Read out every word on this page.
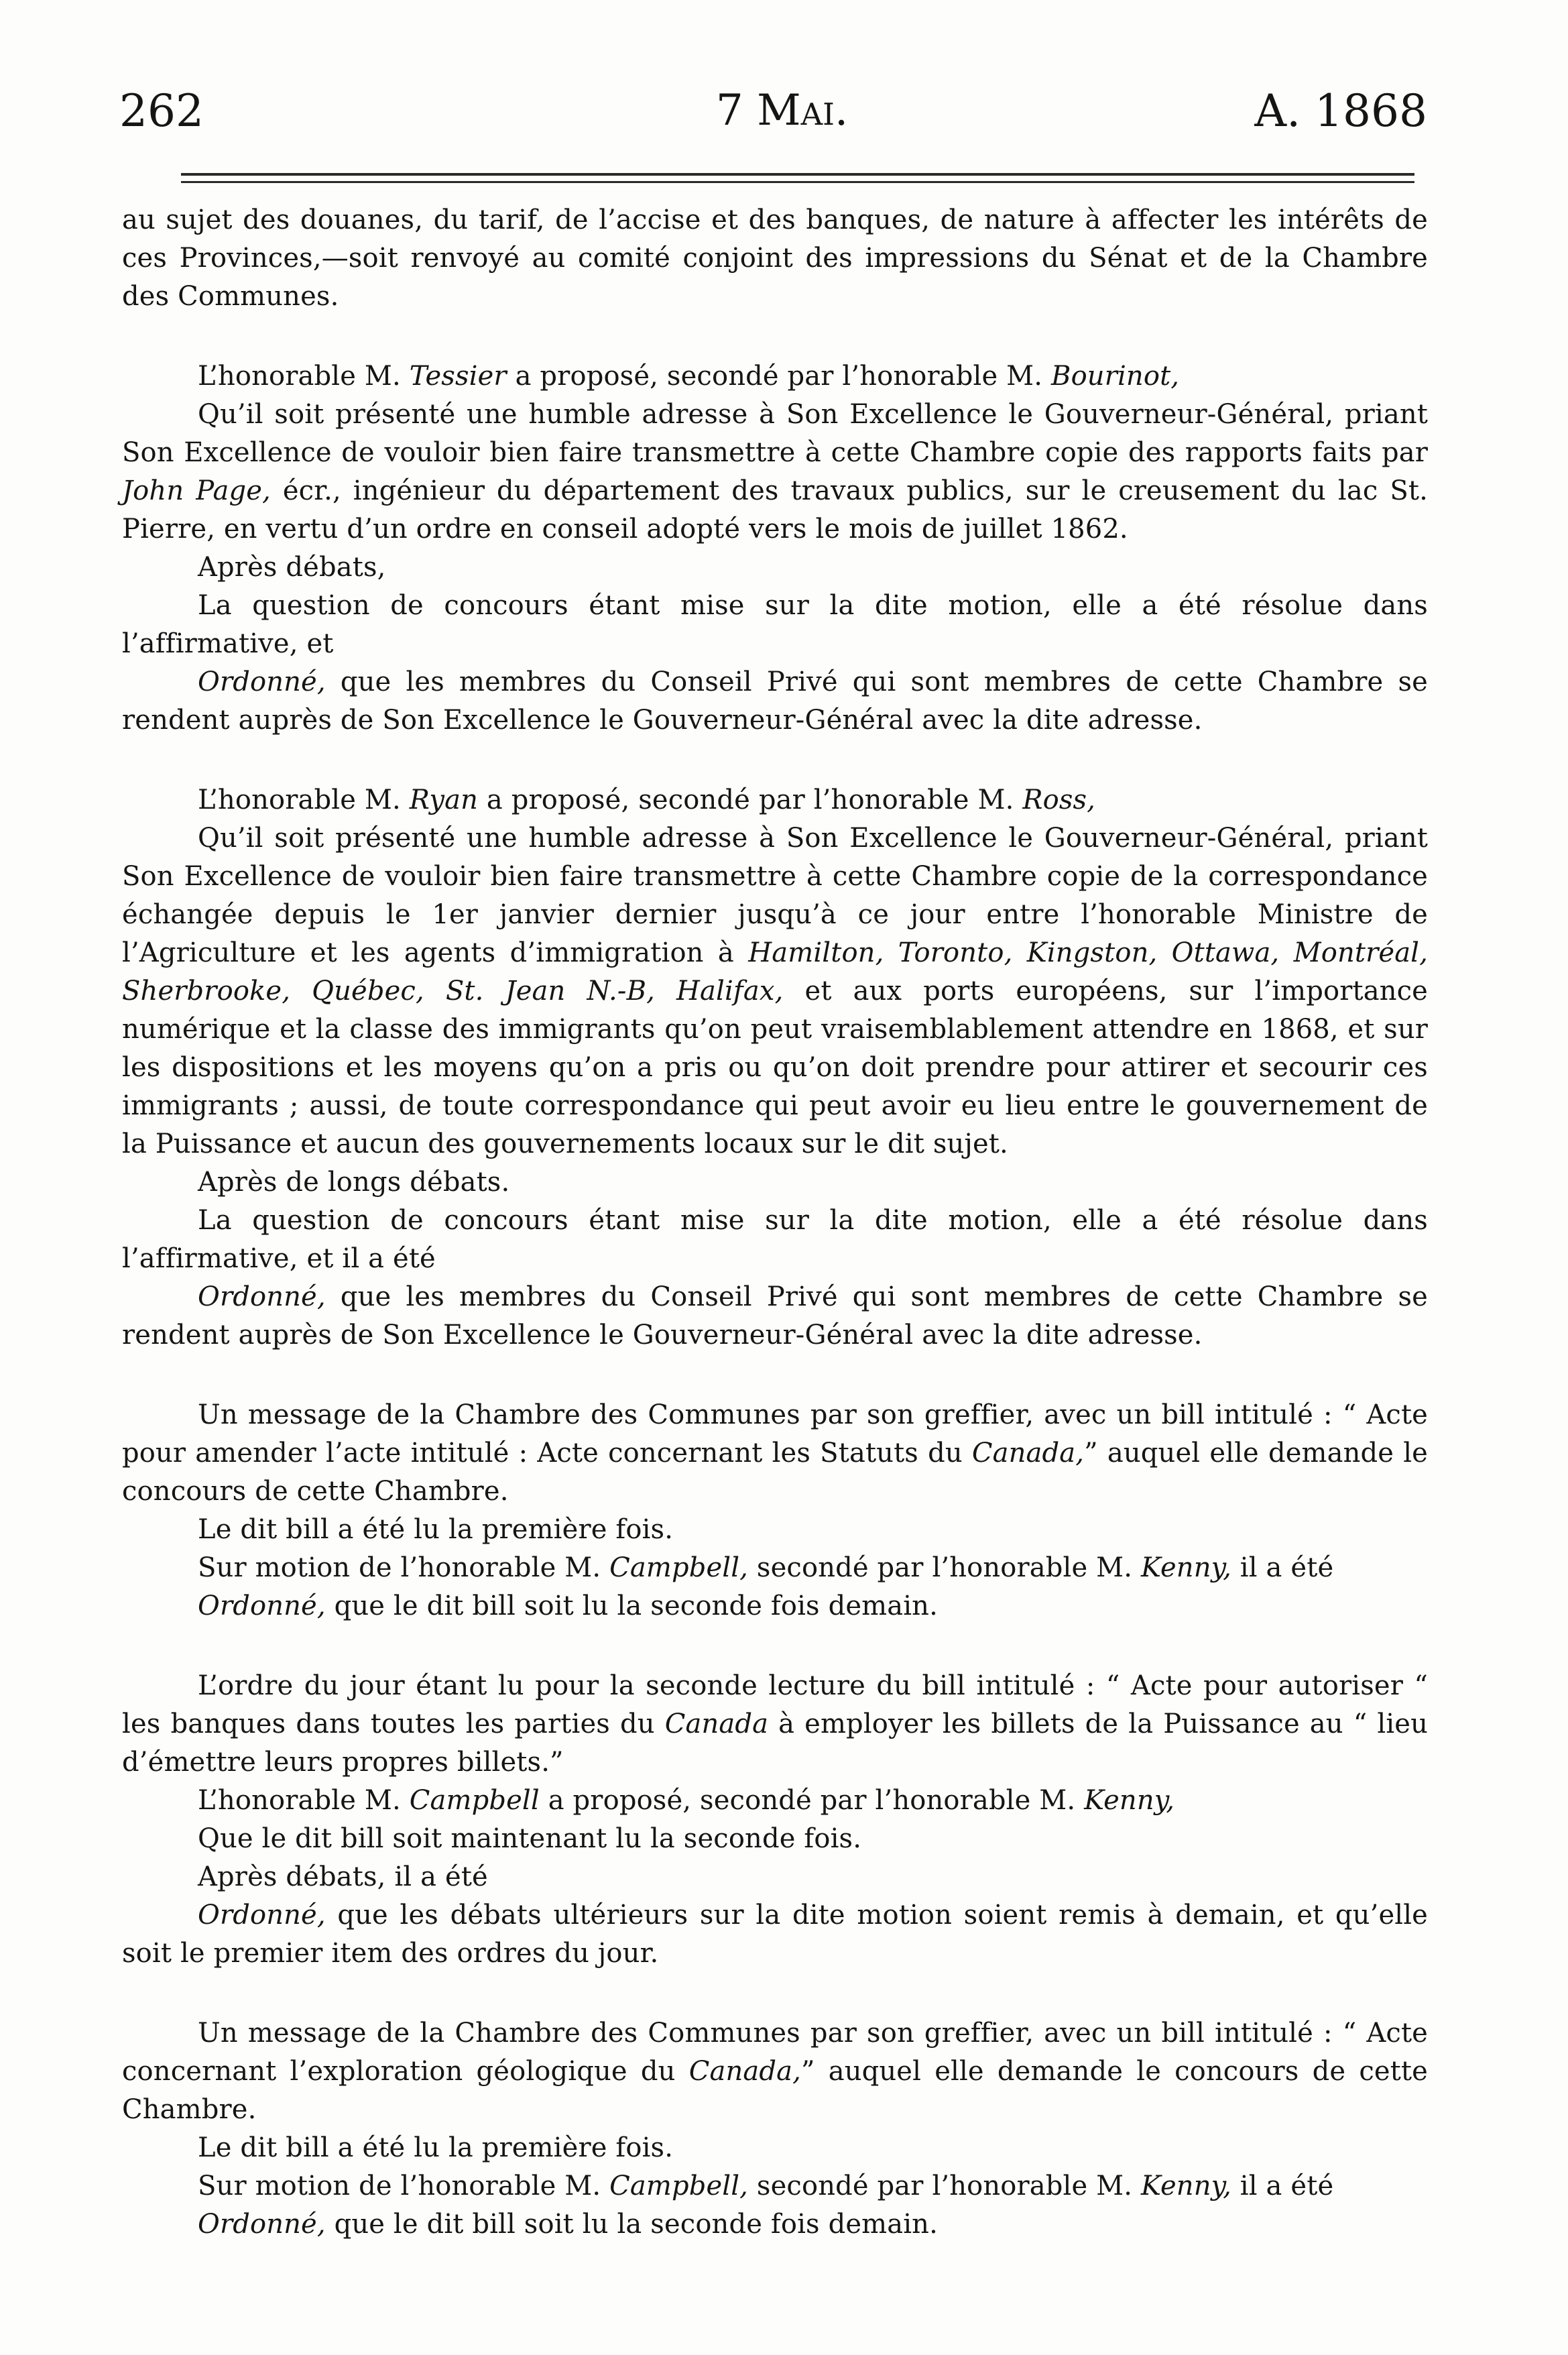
262	7 Mai.	A. 1868

au sujet des douanes, du tarif, de l’accise et des banques, de nature à affecter les intérêts de ces Provinces,—soit renvoyé au comité conjoint des impressions du Sénat et de la Chambre des Communes.

L’honorable M. Tessier a proposé, secondé par l’honorable M. Bourinot,

Qu’il soit présenté une humble adresse à Son Excellence le Gouverneur-Général, priant Son Excellence de vouloir bien faire transmettre à cette Chambre copie des rapports faits par John Page, écr., ingénieur du département des travaux publics, sur le creusement du lac St. Pierre, en vertu d’un ordre en conseil adopté vers le mois de juillet 1862.

Après débats,

La question de concours étant mise sur la dite motion, elle a été résolue dans l’affirmative, et

Ordonné, que les membres du Conseil Privé qui sont membres de cette Chambre se rendent auprès de Son Excellence le Gouverneur-Général avec la dite adresse.

L’honorable M. Ryan a proposé, secondé par l’honorable M. Ross,

Qu’il soit présenté une humble adresse à Son Excellence le Gouverneur-Général, priant Son Excellence de vouloir bien faire transmettre à cette Chambre copie de la correspondance échangée depuis le 1er janvier dernier jusqu’à ce jour entre l’honorable Ministre de l’Agriculture et les agents d’immigration à Hamilton, Toronto, Kingston, Ottawa, Montréal, Sherbrooke, Québec, St. Jean N.-B, Halifax, et aux ports européens, sur l’importance numérique et la classe des immigrants qu’on peut vraisemblablement attendre en 1868, et sur les dispositions et les moyens qu’on a pris ou qu’on doit prendre pour attirer et secourir ces immigrants ; aussi, de toute correspondance qui peut avoir eu lieu entre le gouvernement de la Puissance et aucun des gouvernements locaux sur le dit sujet.

Après de longs débats.

La question de concours étant mise sur la dite motion, elle a été résolue dans l’affirmative, et il a été

Ordonné, que les membres du Conseil Privé qui sont membres de cette Chambre se rendent auprès de Son Excellence le Gouverneur-Général avec la dite adresse.

Un message de la Chambre des Communes par son greffier, avec un bill intitulé : “ Acte pour amender l’acte intitulé : Acte concernant les Statuts du Canada,” auquel elle demande le concours de cette Chambre.

Le dit bill a été lu la première fois.

Sur motion de l’honorable M. Campbell, secondé par l’honorable M. Kenny, il a été

Ordonné, que le dit bill soit lu la seconde fois demain.

L’ordre du jour étant lu pour la seconde lecture du bill intitulé : “ Acte pour autoriser “ les banques dans toutes les parties du Canada à employer les billets de la Puissance au “ lieu d’émettre leurs propres billets.”

L’honorable M. Campbell a proposé, secondé par l’honorable M. Kenny,

Que le dit bill soit maintenant lu la seconde fois.

Après débats, il a été

Ordonné, que les débats ultérieurs sur la dite motion soient remis à demain, et qu’elle soit le premier item des ordres du jour.

Un message de la Chambre des Communes par son greffier, avec un bill intitulé : “ Acte concernant l’exploration géologique du Canada,” auquel elle demande le concours de cette Chambre.

Le dit bill a été lu la première fois.

Sur motion de l’honorable M. Campbell, secondé par l’honorable M. Kenny, il a été

Ordonné, que le dit bill soit lu la seconde fois demain.
